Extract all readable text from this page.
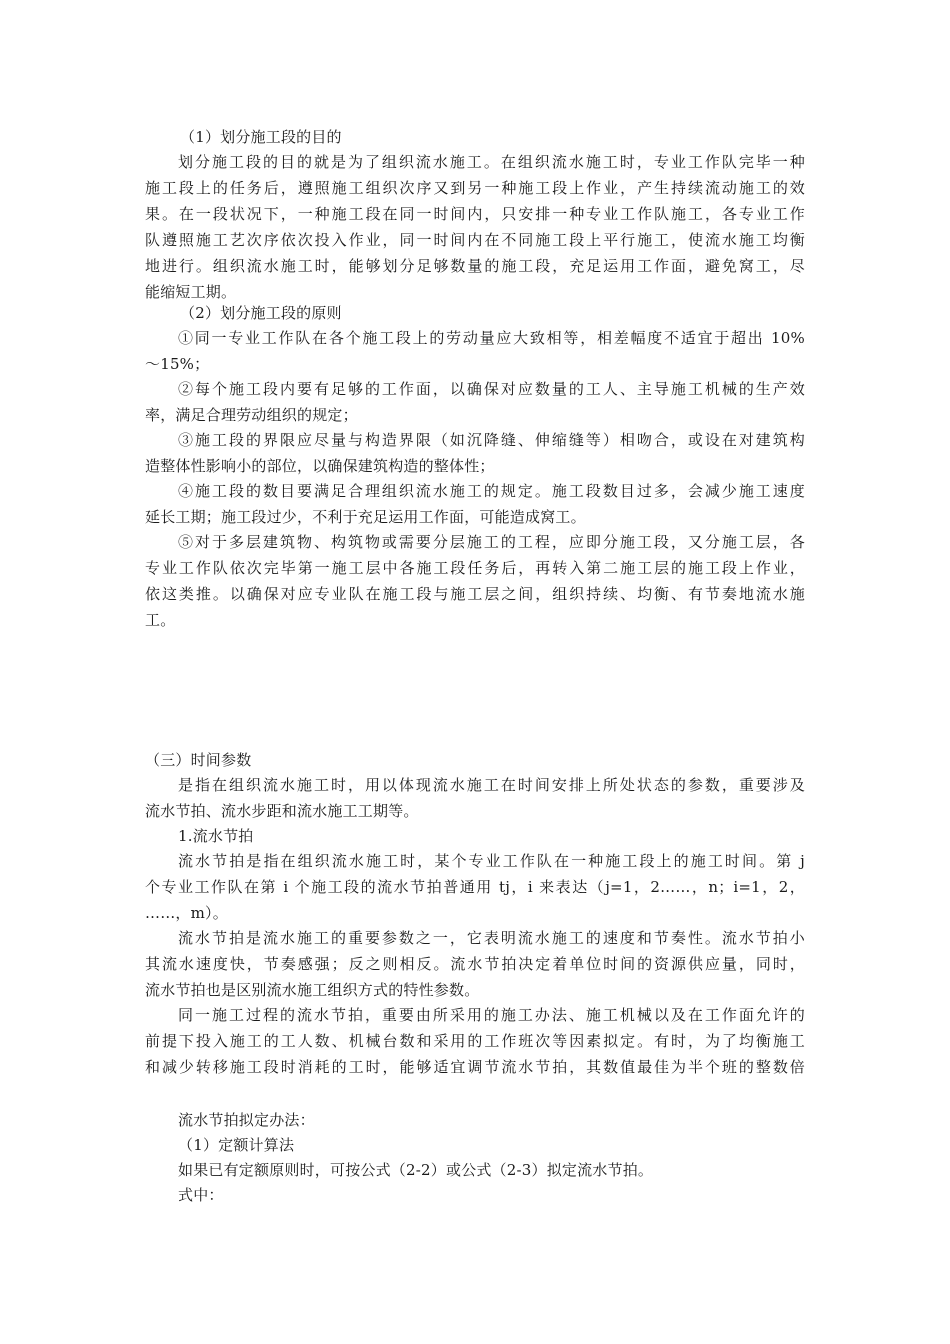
（1）划分施工段的目的
划分施工段的目的就是为了组织流水施工。在组织流水施工时，专业工作队完毕一种
施工段上的任务后，遵照施工组织次序又到另一种施工段上作业，产生持续流动施工的效
果。在一段状况下，一种施工段在同一时间内，只安排一种专业工作队施工，各专业工作
队遵照施工艺次序依次投入作业，同一时间内在不同施工段上平行施工，使流水施工均衡
地进行。组织流水施工时，能够划分足够数量的施工段，充足运用工作面，避免窝工，尽
能缩短工期。
（2）划分施工段的原则
①同一专业工作队在各个施工段上的劳动量应大致相等，相差幅度不适宜于超出 10%
～15%；
②每个施工段内要有足够的工作面，以确保对应数量的工人、主导施工机械的生产效
率，满足合理劳动组织的规定；
③施工段的界限应尽量与构造界限（如沉降缝、伸缩缝等）相吻合，或设在对建筑构
造整体性影响小的部位，以确保建筑构造的整体性；
④施工段的数目要满足合理组织流水施工的规定。施工段数目过多，会减少施工速度
延长工期；施工段过少，不利于充足运用工作面，可能造成窝工。
⑤对于多层建筑物、构筑物或需要分层施工的工程，应即分施工段，又分施工层，各
专业工作队依次完毕第一施工层中各施工段任务后，再转入第二施工层的施工段上作业，
依这类推。以确保对应专业队在施工段与施工层之间，组织持续、均衡、有节奏地流水施
工。
（三）时间参数
是指在组织流水施工时，用以体现流水施工在时间安排上所处状态的参数，重要涉及
流水节拍、流水步距和流水施工工期等。
1.流水节拍
流水节拍是指在组织流水施工时，某个专业工作队在一种施工段上的施工时间。第 j
个专业工作队在第 i 个施工段的流水节拍普通用 tj，i 来表达（j=1，2……，n；i=1，2，
……，m）。
流水节拍是流水施工的重要参数之一，它表明流水施工的速度和节奏性。流水节拍小
其流水速度快，节奏感强；反之则相反。流水节拍决定着单位时间的资源供应量，同时，
流水节拍也是区别流水施工组织方式的特性参数。
同一施工过程的流水节拍，重要由所采用的施工办法、施工机械以及在工作面允许的
前提下投入施工的工人数、机械台数和采用的工作班次等因素拟定。有时，为了均衡施工
和减少转移施工段时消耗的工时，能够适宜调节流水节拍，其数值最佳为半个班的整数倍
流水节拍拟定办法：
（1）定额计算法
如果已有定额原则时，可按公式（2-2）或公式（2-3）拟定流水节拍。
式中：
